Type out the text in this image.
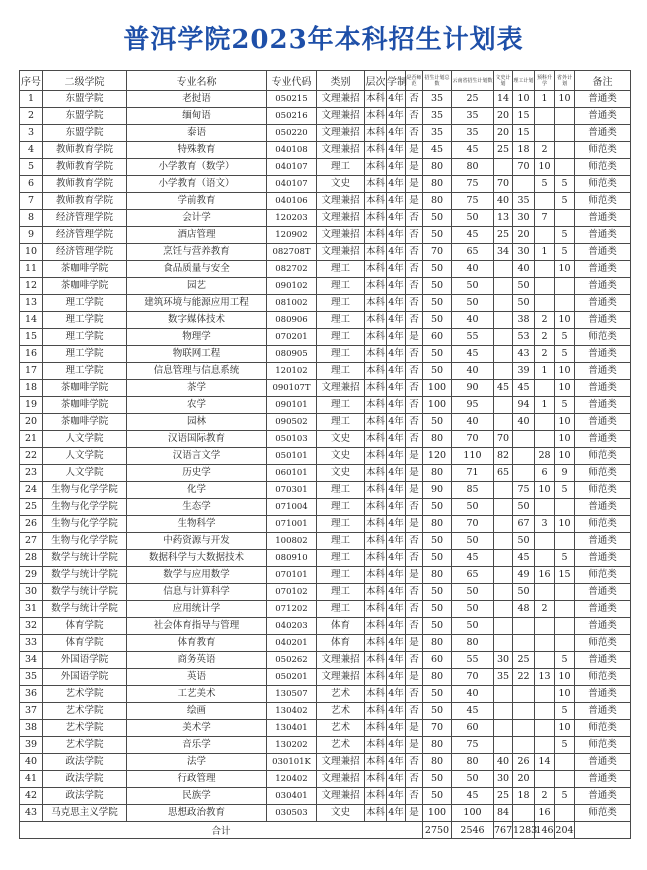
普洱学院2023年本科招生计划表
序号	二级学院	专业名称	专业代码	类别	层次	学制	是否师范	招生计划总数	云南省招生计划数	文史计划	理工计划	预科升学	省外计划	备注
1	东盟学院	老挝语	050215	文理兼招	本科	4年	否	35	25	14	10	1	10	普通类
2	东盟学院	缅甸语	050216	文理兼招	本科	4年	否	35	35	20	15			普通类
3	东盟学院	泰语	050220	文理兼招	本科	4年	否	35	35	20	15			普通类
4	教师教育学院	特殊教育	040108	文理兼招	本科	4年	是	45	45	25	18	2		师范类
5	教师教育学院	小学教育（数学）	040107	理工	本科	4年	是	80	80		70	10		师范类
6	教师教育学院	小学教育（语文）	040107	文史	本科	4年	是	80	75	70		5	5	师范类
7	教师教育学院	学前教育	040106	文理兼招	本科	4年	是	80	75	40	35		5	师范类
8	经济管理学院	会计学	120203	文理兼招	本科	4年	否	50	50	13	30	7		普通类
9	经济管理学院	酒店管理	120902	文理兼招	本科	4年	否	50	45	25	20		5	普通类
10	经济管理学院	烹饪与营养教育	082708T	文理兼招	本科	4年	否	70	65	34	30	1	5	普通类
11	茶咖啡学院	食品质量与安全	082702	理工	本科	4年	否	50	40		40		10	普通类
12	茶咖啡学院	园艺	090102	理工	本科	4年	否	50	50		50			普通类
13	理工学院	建筑环境与能源应用工程	081002	理工	本科	4年	否	50	50		50			普通类
14	理工学院	数字媒体技术	080906	理工	本科	4年	否	50	40		38	2	10	普通类
15	理工学院	物理学	070201	理工	本科	4年	是	60	55		53	2	5	师范类
16	理工学院	物联网工程	080905	理工	本科	4年	否	50	45		43	2	5	普通类
17	理工学院	信息管理与信息系统	120102	理工	本科	4年	否	50	40		39	1	10	普通类
18	茶咖啡学院	茶学	090107T	文理兼招	本科	4年	否	100	90	45	45		10	普通类
19	茶咖啡学院	农学	090101	理工	本科	4年	否	100	95		94	1	5	普通类
20	茶咖啡学院	园林	090502	理工	本科	4年	否	50	40		40		10	普通类
21	人文学院	汉语国际教育	050103	文史	本科	4年	否	80	70	70			10	普通类
22	人文学院	汉语言文学	050101	文史	本科	4年	是	120	110	82		28	10	师范类
23	人文学院	历史学	060101	文史	本科	4年	是	80	71	65		6	9	师范类
24	生物与化学学院	化学	070301	理工	本科	4年	是	90	85		75	10	5	师范类
25	生物与化学学院	生态学	071004	理工	本科	4年	否	50	50		50			普通类
26	生物与化学学院	生物科学	071001	理工	本科	4年	是	80	70		67	3	10	师范类
27	生物与化学学院	中药资源与开发	100802	理工	本科	4年	否	50	50		50			普通类
28	数学与统计学院	数据科学与大数据技术	080910	理工	本科	4年	否	50	45		45		5	普通类
29	数学与统计学院	数学与应用数学	070101	理工	本科	4年	是	80	65		49	16	15	师范类
30	数学与统计学院	信息与计算科学	070102	理工	本科	4年	否	50	50		50			普通类
31	数学与统计学院	应用统计学	071202	理工	本科	4年	否	50	50		48	2		普通类
32	体育学院	社会体育指导与管理	040203	体育	本科	4年	否	50	50					普通类
33	体育学院	体育教育	040201	体育	本科	4年	是	80	80					师范类
34	外国语学院	商务英语	050262	文理兼招	本科	4年	否	60	55	30	25		5	普通类
35	外国语学院	英语	050201	文理兼招	本科	4年	是	80	70	35	22	13	10	师范类
36	艺术学院	工艺美术	130507	艺术	本科	4年	否	50	40				10	普通类
37	艺术学院	绘画	130402	艺术	本科	4年	否	50	45				5	普通类
38	艺术学院	美术学	130401	艺术	本科	4年	是	70	60				10	师范类
39	艺术学院	音乐学	130202	艺术	本科	4年	是	80	75				5	师范类
40	政法学院	法学	030101K	文理兼招	本科	4年	否	80	80	40	26	14		普通类
41	政法学院	行政管理	120402	文理兼招	本科	4年	否	50	50	30	20			普通类
42	政法学院	民族学	030401	文理兼招	本科	4年	否	50	45	25	18	2	5	普通类
43	马克思主义学院	思想政治教育	030503	文史	本科	4年	是	100	100	84		16		师范类
合计								2750	2546	767	1283	146	204	
